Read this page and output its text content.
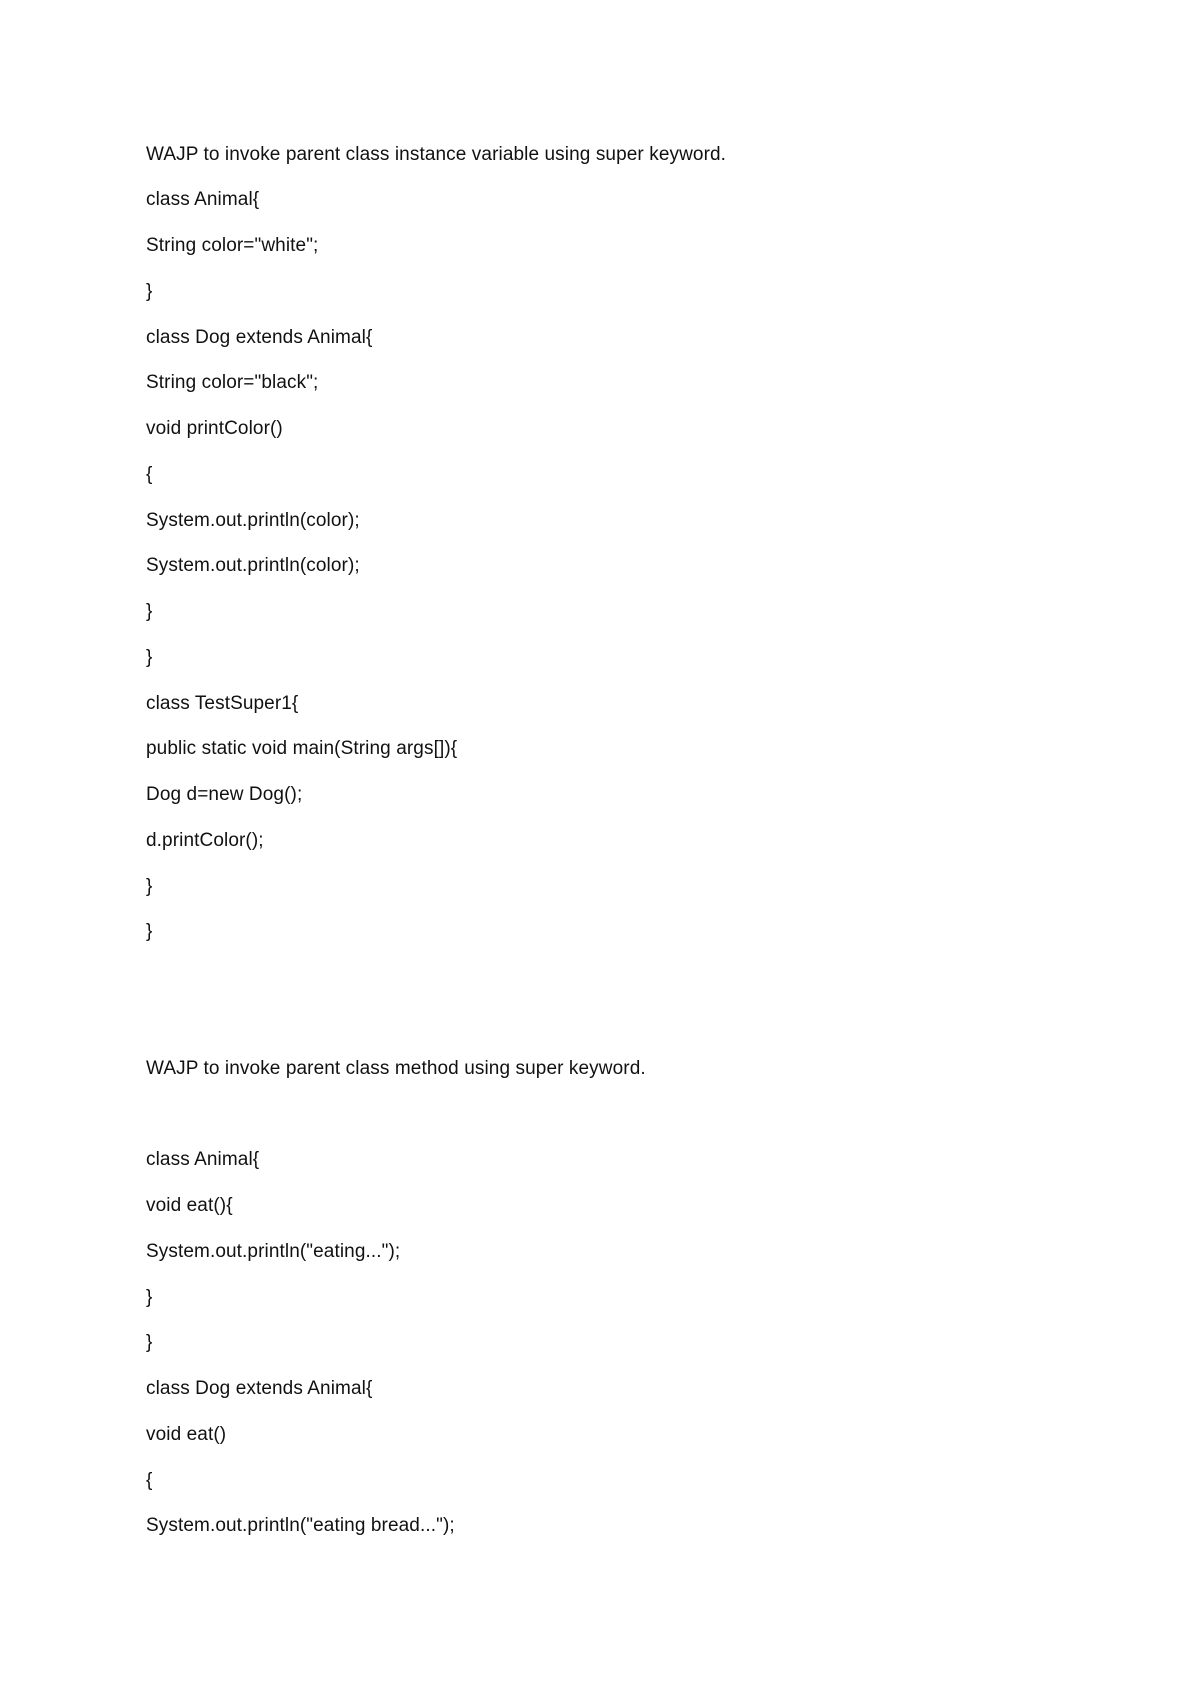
WAJP to invoke parent class instance variable using super keyword.
class Animal{
String color="white";
}
class Dog extends Animal{
String color="black";
void printColor()
{
System.out.println(color);
System.out.println(color);
}
}
class TestSuper1{
public static void main(String args[]){
Dog d=new Dog();
d.printColor();
}
}
WAJP to invoke parent class method using super keyword.
class Animal{
void eat(){
System.out.println("eating...");
}
}
class Dog extends Animal{
void eat()
{
System.out.println("eating bread...");
